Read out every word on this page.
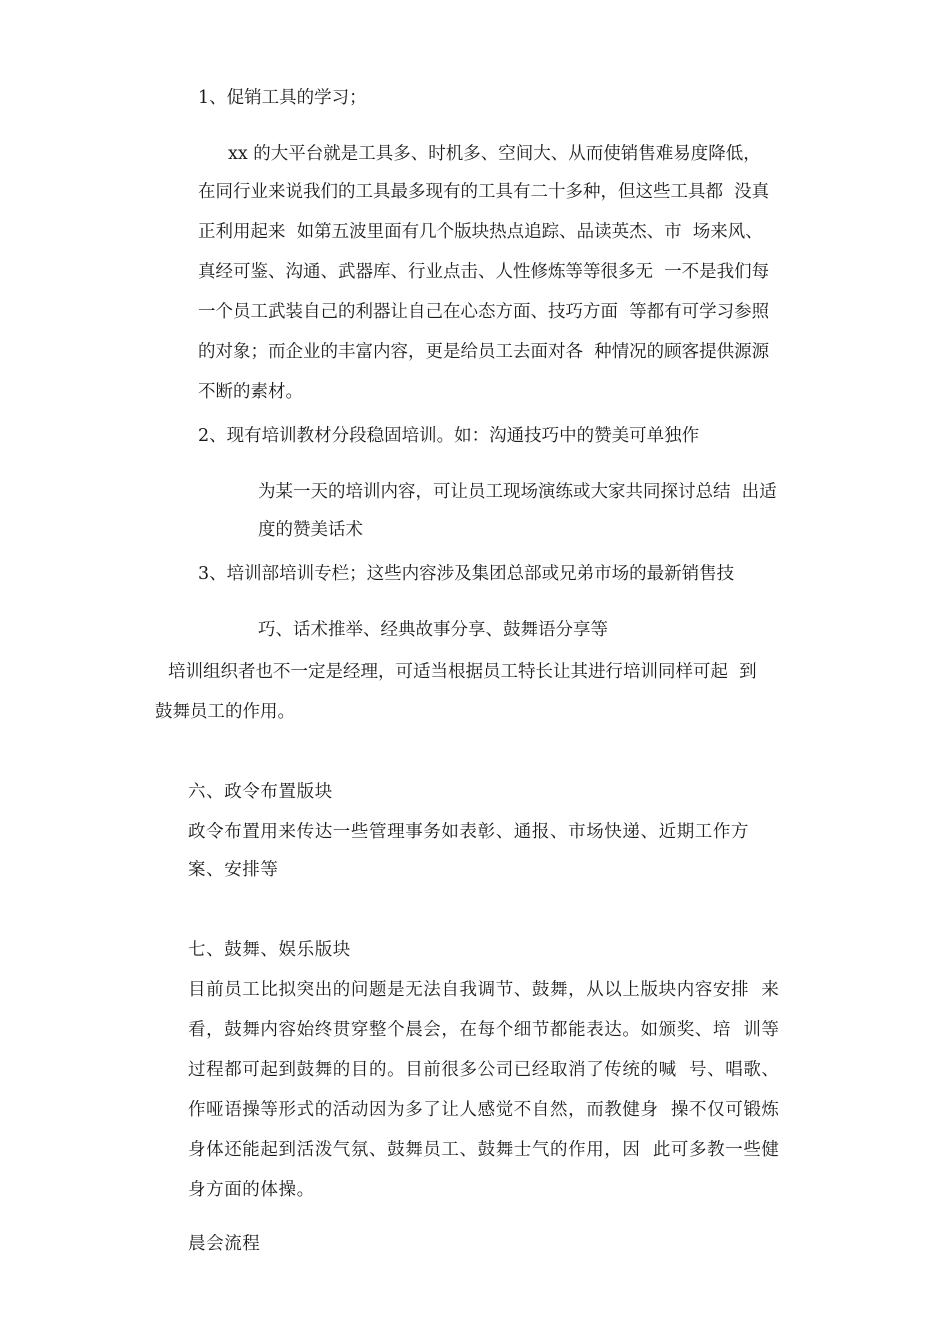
1、促销工具的学习；
xx 的大平台就是工具多、时机多、空间大、从而使销售难易度降低，
在同行业来说我们的工具最多现有的工具有二十多种，但这些工具都  没真
正利用起来  如第五波里面有几个版块热点追踪、品读英杰、市  场来风、
真经可鉴、沟通、武器库、行业点击、人性修炼等等很多无  一不是我们每
一个员工武装自己的利器让自己在心态方面、技巧方面  等都有可学习参照
的对象；而企业的丰富内容，更是给员工去面对各  种情况的顾客提供源源
不断的素材。
2、现有培训教材分段稳固培训。如：沟通技巧中的赞美可单独作
为某一天的培训内容，可让员工现场演练或大家共同探讨总结  出适
度的赞美话术
3、培训部培训专栏；这些内容涉及集团总部或兄弟市场的最新销售技
巧、话术推举、经典故事分享、鼓舞语分享等
培训组织者也不一定是经理，可适当根据员工特长让其进行培训同样可起  到
鼓舞员工的作用。
六、政令布置版块
政令布置用来传达一些管理事务如表彰、通报、市场快递、近期工作方
案、安排等
七、鼓舞、娱乐版块
目前员工比拟突出的问题是无法自我调节、鼓舞，从以上版块内容安排  来
看，鼓舞内容始终贯穿整个晨会，在每个细节都能表达。如颁奖、培  训等
过程都可起到鼓舞的目的。目前很多公司已经取消了传统的喊  号、唱歌、
作哑语操等形式的活动因为多了让人感觉不自然，而教健身  操不仅可锻炼
身体还能起到活泼气氛、鼓舞员工、鼓舞士气的作用，因  此可多教一些健
身方面的体操。
晨会流程
